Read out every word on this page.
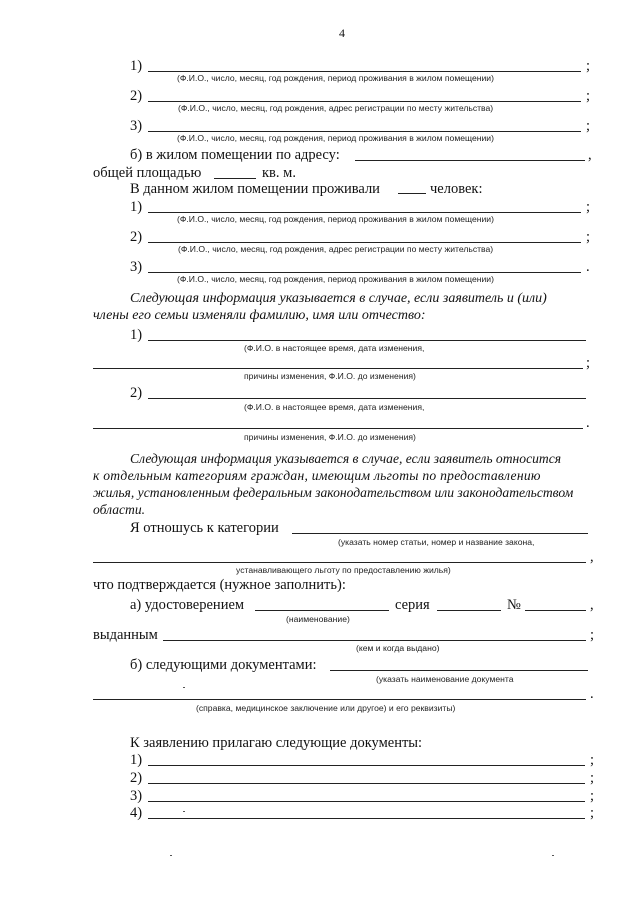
4
1)	;
(Ф.И.О., число, месяц, год рождения, период проживания в жилом помещении)
2)	;
(Ф.И.О., число, месяц, год рождения, адрес регистрации по месту жительства)
3)	;
(Ф.И.О., число, месяц, год рождения, период проживания в жилом помещении)
б) в жилом помещении по адресу:	,
общей площадью	кв. м.
В данном жилом помещении проживали	человек:
1)	;
(Ф.И.О., число, месяц, год рождения, период проживания в жилом помещении)
2)	;
(Ф.И.О., число, месяц, год рождения, адрес регистрации по месту жительства)
3)	.
(Ф.И.О., число, месяц, год рождения, период проживания в жилом помещении)
Следующая информация указывается в случае, если заявитель и (или)
члены его семьи изменяли фамилию, имя или отчество:
1)
(Ф.И.О. в настоящее время, дата изменения,
;
причины изменения, Ф.И.О. до изменения)
2)
(Ф.И.О. в настоящее время, дата изменения,
.
причины изменения, Ф.И.О. до изменения)
Следующая информация указывается в случае, если заявитель относится
к отдельным категориям граждан, имеющим льготы по предоставлению
жилья, установленным федеральным законодательством или законодательством
области.
Я отношусь к категории
(указать номер статьи, номер и название закона,
,
устанавливающего льготу по предоставлению жилья)
что подтверждается (нужное заполнить):
а) удостоверением	серия	№	,
(наименование)
выданным	;
(кем и когда выдано)
б) следующими документами:
(указать наименование документа
.
(справка, медицинское заключение или другое) и его реквизиты)
К заявлению прилагаю следующие документы:
1)	;
2)	;
3)	;
4)	;
